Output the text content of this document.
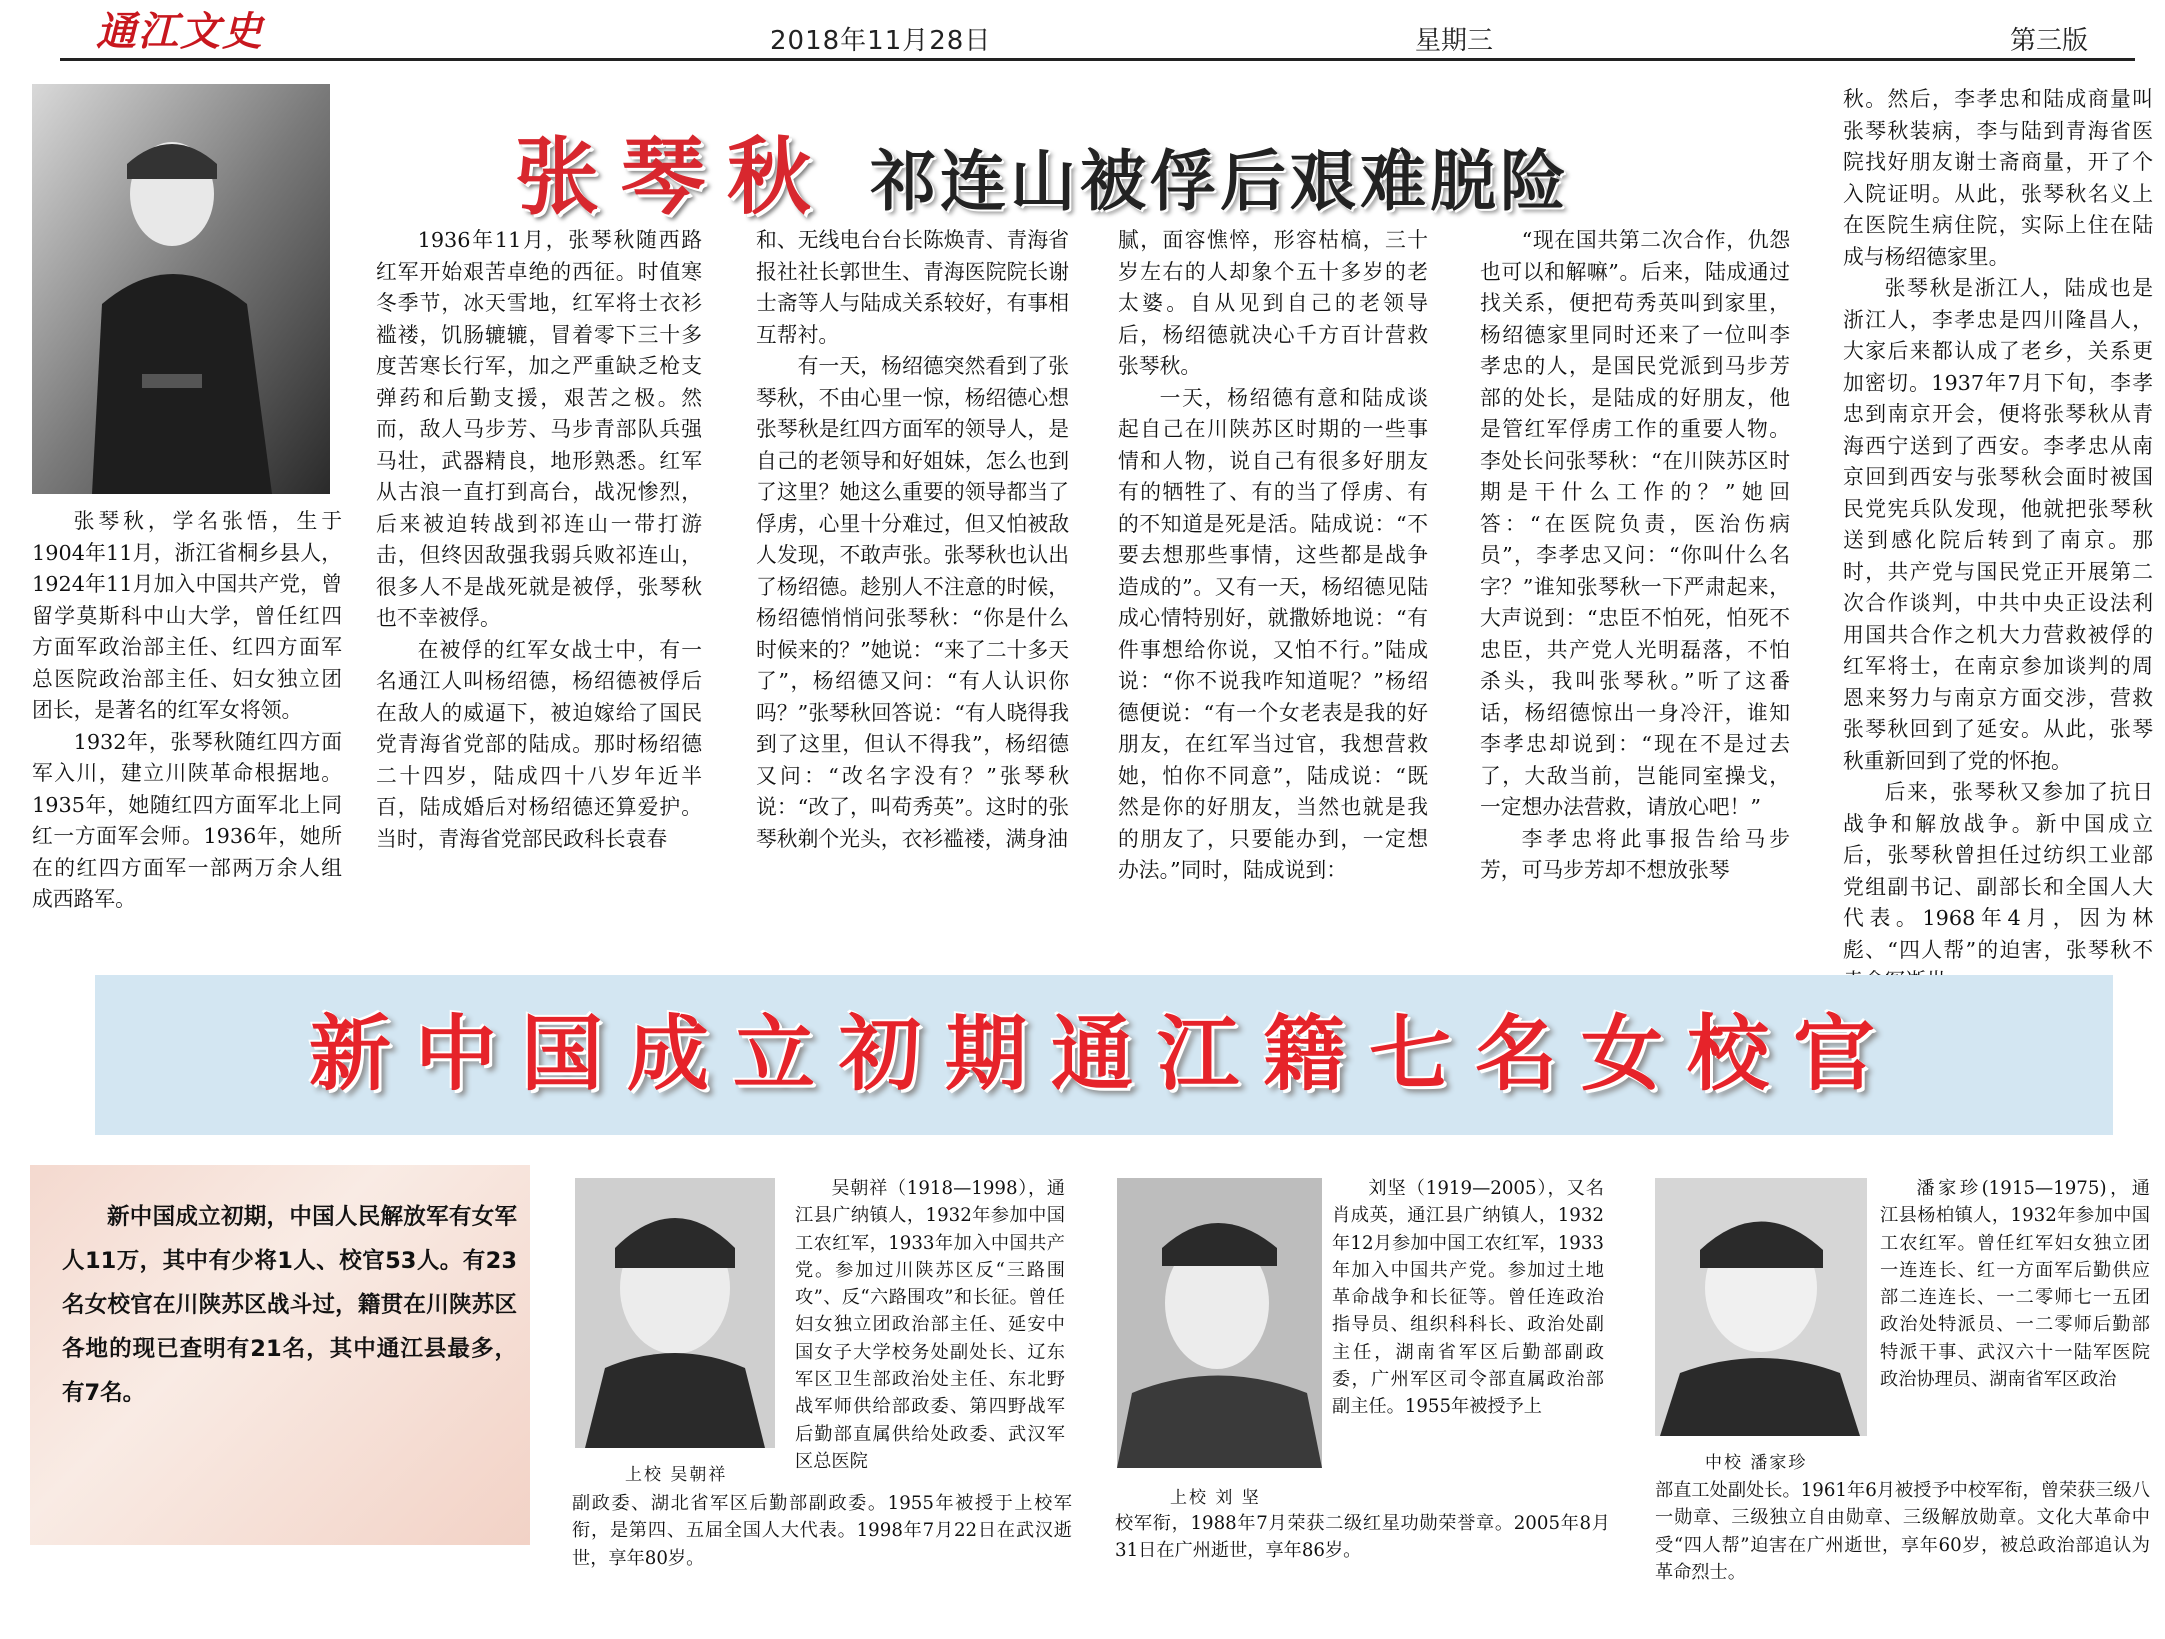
通江文史	2018年11月28日	星期三	第三版
张琴秋 祁连山被俘后艰难脱险

张琴秋，学名张悟，生于1904年11月，浙江省桐乡县人，1924年11月加入中国共产党，曾留学莫斯科中山大学，曾任红四方面军政治部主任、红四方面军总医院政治部主任、妇女独立团团长，是著名的红军女将领。

1932年，张琴秋随红四方面军入川，建立川陕革命根据地。1935年，她随红四方面军北上同红一方面军会师。1936年，她所在的红四方面军一部两万余人组成西路军。

1936年11月，张琴秋随西路红军开始艰苦卓绝的西征。时值寒冬季节，冰天雪地，红军将士衣衫褴褛，饥肠辘辘，冒着零下三十多度苦寒长行军，加之严重缺乏枪支弹药和后勤支援，艰苦之极。然而，敌人马步芳、马步青部队兵强马壮，武器精良，地形熟悉。红军从古浪一直打到高台，战况惨烈，后来被迫转战到祁连山一带打游击，但终因敌强我弱兵败祁连山，很多人不是战死就是被俘，张琴秋也不幸被俘。

在被俘的红军女战士中，有一名通江人叫杨绍德，杨绍德被俘后在敌人的威逼下，被迫嫁给了国民党青海省党部的陆成。那时杨绍德二十四岁，陆成四十八岁年近半百，陆成婚后对杨绍德还算爱护。当时，青海省党部民政科长袁春

和、无线电台台长陈焕青、青海省报社社长郭世生、青海医院院长谢士斋等人与陆成关系较好，有事相互帮衬。

有一天，杨绍德突然看到了张琴秋，不由心里一惊，杨绍德心想张琴秋是红四方面军的领导人，是自己的老领导和好姐妹，怎么也到了这里？她这么重要的领导都当了俘虏，心里十分难过，但又怕被敌人发现，不敢声张。张琴秋也认出了杨绍德。趁别人不注意的时候，杨绍德悄悄问张琴秋：“你是什么时候来的？”她说：“来了二十多天了”，杨绍德又问：“有人认识你吗？”张琴秋回答说：“有人晓得我到了这里，但认不得我”，杨绍德又问：“改名字没有？”张琴秋说：“改了，叫苟秀英”。这时的张琴秋剃个光头，衣衫褴褛，满身油

腻，面容憔悴，形容枯槁，三十岁左右的人却象个五十多岁的老太婆。自从见到自己的老领导后，杨绍德就决心千方百计营救张琴秋。

一天，杨绍德有意和陆成谈起自己在川陕苏区时期的一些事情和人物，说自己有很多好朋友有的牺牲了、有的当了俘虏、有的不知道是死是活。陆成说：“不要去想那些事情，这些都是战争造成的”。又有一天，杨绍德见陆成心情特别好，就撒娇地说：“有件事想给你说，又怕不行。”陆成说：“你不说我咋知道呢？”杨绍德便说：“有一个女老表是我的好朋友，在红军当过官，我想营救她，怕你不同意”，陆成说：“既然是你的好朋友，当然也就是我的朋友了，只要能办到，一定想办法。”同时，陆成说到：

“现在国共第二次合作，仇怨也可以和解嘛”。后来，陆成通过找关系，便把苟秀英叫到家里，杨绍德家里同时还来了一位叫李孝忠的人，是国民党派到马步芳部的处长，是陆成的好朋友，他是管红军俘虏工作的重要人物。李处长问张琴秋：“在川陕苏区时期是干什么工作的？”她回答：“在医院负责，医治伤病员”，李孝忠又问：“你叫什么名字？”谁知张琴秋一下严肃起来，大声说到：“忠臣不怕死，怕死不忠臣，共产党人光明磊落，不怕杀头，我叫张琴秋。”听了这番话，杨绍德惊出一身冷汗，谁知李孝忠却说到：“现在不是过去了，大敌当前，岂能同室操戈，一定想办法营救，请放心吧！”

李孝忠将此事报告给马步芳，可马步芳却不想放张琴

秋。然后，李孝忠和陆成商量叫张琴秋装病，李与陆到青海省医院找好朋友谢士斋商量，开了个入院证明。从此，张琴秋名义上在医院生病住院，实际上住在陆成与杨绍德家里。

张琴秋是浙江人，陆成也是浙江人，李孝忠是四川隆昌人，大家后来都认成了老乡，关系更加密切。1937年7月下旬，李孝忠到南京开会，便将张琴秋从青海西宁送到了西安。李孝忠从南京回到西安与张琴秋会面时被国民党宪兵队发现，他就把张琴秋送到感化院后转到了南京。那时，共产党与国民党正开展第二次合作谈判，中共中央正设法利用国共合作之机大力营救被俘的红军将士，在南京参加谈判的周恩来努力与南京方面交涉，营救张琴秋回到了延安。从此，张琴秋重新回到了党的怀抱。

后来，张琴秋又参加了抗日战争和解放战争。新中国成立后，张琴秋曾担任过纺织工业部党组副书记、副部长和全国人大代表。1968年4月，因为林彪、“四人帮”的迫害，张琴秋不

新中国成立初期通江籍七名女校官

新中国成立初期，中国人民解放军有女军人11万，其中有少将1人、校官53人。有23名女校官在川陕苏区战斗过，籍贯在川陕苏区各地的现已查明有21名，其中通江县最多，有7名。

上校 吴朝祥

吴朝祥（1918—1998），通江县广纳镇人，1932年参加中国工农红军，1933年加入中国共产党。参加过川陕苏区反“三路围攻”、反“六路围攻”和长征。曾任妇女独立团政治部主任、延安中国女子大学校务处副处长、辽东军区卫生部政治处主任、东北野战军师供给部政委、第四野战军后勤部直属供给处政委、武汉军区总医院

副政委、湖北省军区后勤部副政委。1955年被授于上校军衔，是第四、五届全国人大代表。1998年7月22日在武汉逝世，享年80岁。

上校 刘 坚

刘坚（1919—2005），又名肖成英，通江县广纳镇人，1932年12月参加中国工农红军，1933年加入中国共产党。参加过土地革命战争和长征等。曾任连政治指导员、组织科科长、政治处副主任，湖南省军区后勤部副政委，广州军区司令部直属政治部副主任。1955年被授予上

校军衔，1988年7月荣获二级红星功勋荣誉章。2005年8月31日在广州逝世，享年86岁。

中校 潘家珍

潘家珍(1915—1975)，通江县杨柏镇人，1932年参加中国工农红军。曾任红军妇女独立团一连连长、红一方面军后勤供应部二连连长、一二零师七一五团政治处特派员、一二零师后勤部特派干事、武汉六十一陆军医院政治协理员、湖南省军区政治

部直工处副处长。1961年6月被授予中校军衔，曾荣获三级八一勋章、三级独立自由勋章、三级解放勋章。文化大革命中受“四人帮”迫害在广州逝世，享年60岁，被总政治部追认为革命烈士。
